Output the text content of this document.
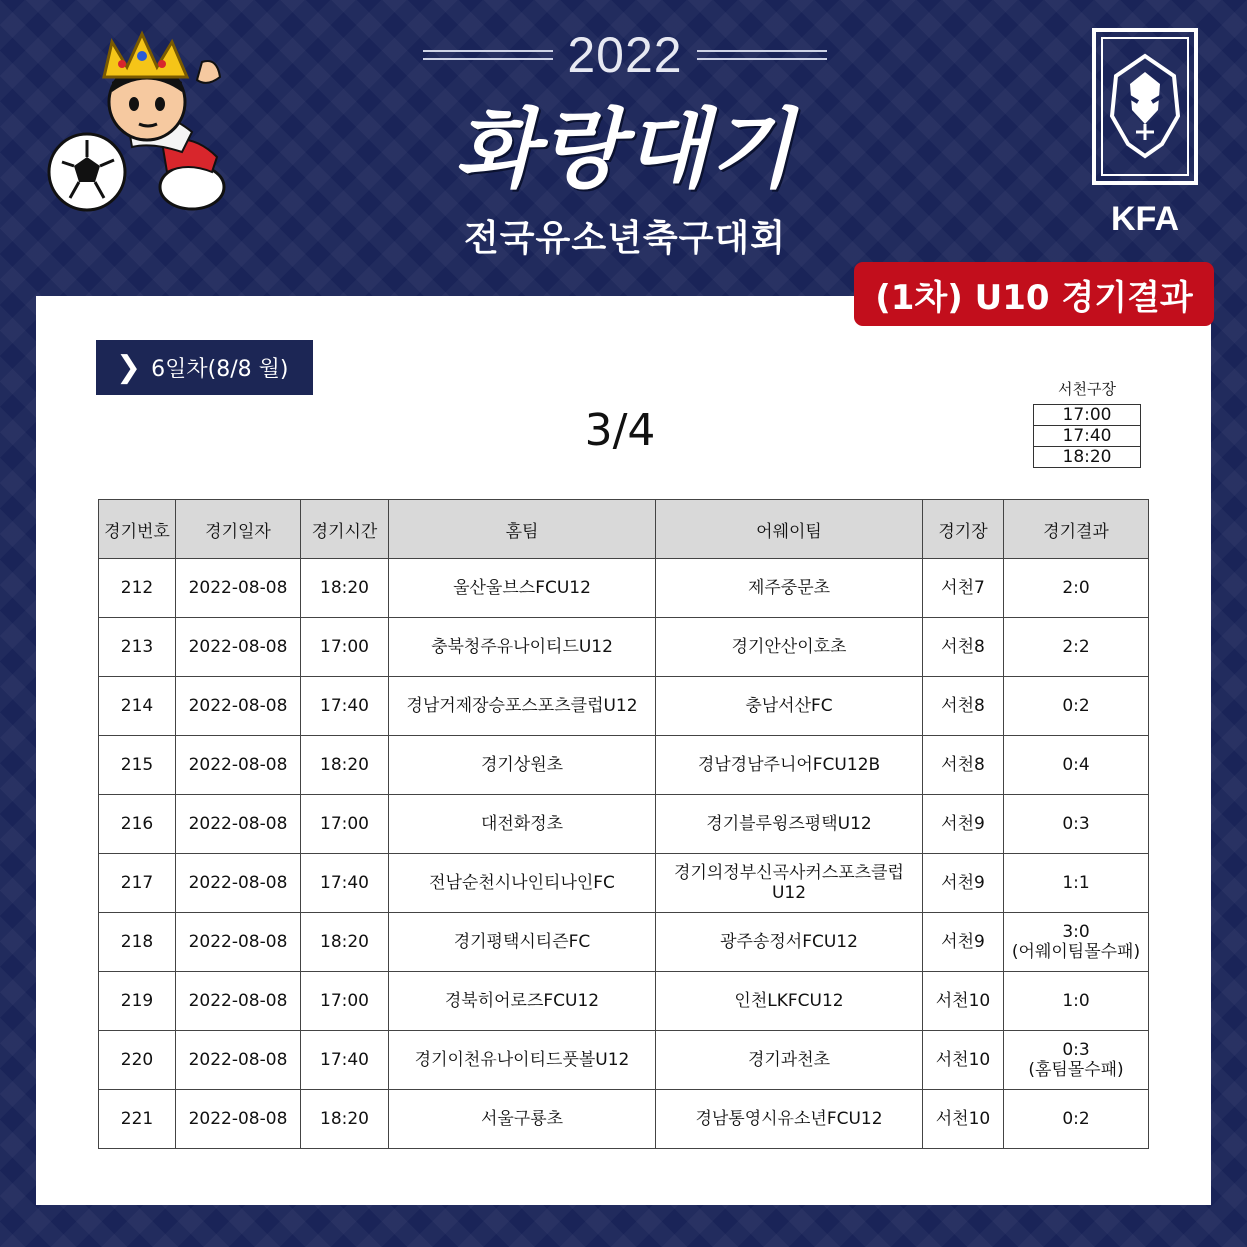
2022
화랑대기
전국유소년축구대회	KFA
(1차) U10 경기결과
❯ 6일차(8/8 월)
3/4
서천구장
17:00
17:40
18:20
경기번호	경기일자	경기시간	홈팀	어웨이팀	경기장	경기결과
212	2022-08-08	18:20	울산울브스FCU12	제주중문초	서천7	2:0
213	2022-08-08	17:00	충북청주유나이티드U12	경기안산이호초	서천8	2:2
214	2022-08-08	17:40	경남거제장승포스포츠클럽U12	충남서산FC	서천8	0:2
215	2022-08-08	18:20	경기상원초	경남경남주니어FCU12B	서천8	0:4
216	2022-08-08	17:00	대전화정초	경기블루윙즈평택U12	서천9	0:3
217	2022-08-08	17:40	전남순천시나인티나인FC	경기의정부신곡사커스포츠클럽U12	서천9	1:1
218	2022-08-08	18:20	경기평택시티즌FC	광주송정서FCU12	서천9	3:0
(어웨이팀몰수패)

219	2022-08-08	17:00	경북히어로즈FCU12	인천LKFCU12	서천10	1:0
220	2022-08-08	17:40	경기이천유나이티드풋볼U12	경기과천초	서천10	0:3
(홈팀몰수패)

221	2022-08-08	18:20	서울구룡초	경남통영시유소년FCU12	서천10	0:2
